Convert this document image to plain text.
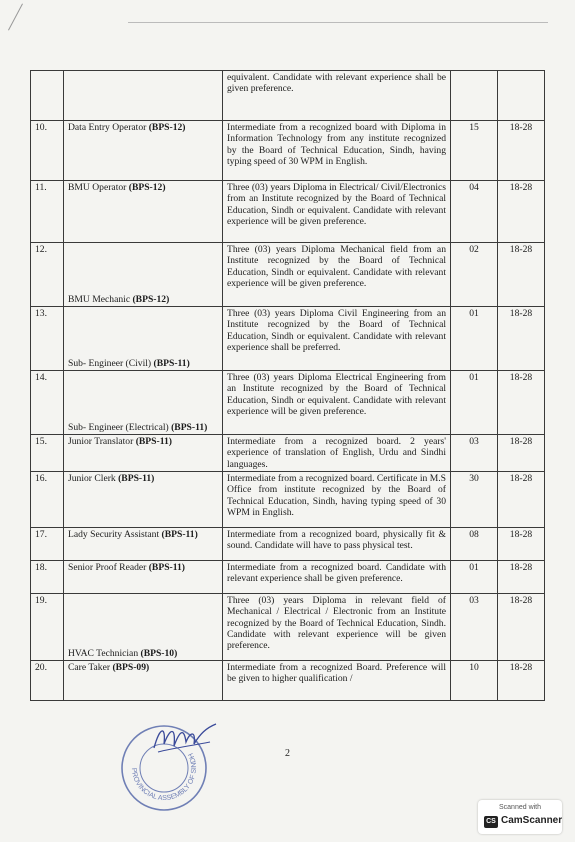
		equivalent. Candidate with relevant experience shall be given preference.		
10.	Data Entry Operator (BPS-12)	Intermediate from a recognized board with Diploma in Information Technology from any institute recognized by the Board of Technical Education, Sindh, having typing speed of 30 WPM in English.	15	18-28
11.	BMU Operator (BPS-12)	Three (03) years Diploma in Electrical/ Civil/Electronics from an Institute recognized by the Board of Technical Education, Sindh or equivalent. Candidate with relevant experience will be given preference.	04	18-28
12.	BMU Mechanic (BPS-12)	Three (03) years Diploma Mechanical field from an Institute recognized by the Board of Technical Education, Sindh or equivalent. Candidate with relevant experience will be given preference.	02	18-28
13.	Sub- Engineer (Civil) (BPS-11)	Three (03) years Diploma Civil Engineering from an Institute recognized by the Board of Technical Education, Sindh or equivalent. Candidate with relevant experience shall be preferred.	01	18-28
14.	Sub- Engineer (Electrical) (BPS-11)	Three (03) years Diploma Electrical Engineering from an Institute recognized by the Board of Technical Education, Sindh or equivalent. Candidate with relevant experience will be given preference.	01	18-28
15.	Junior Translator (BPS-11)	Intermediate from a recognized board. 2 years' experience of translation of English, Urdu and Sindhi languages.	03	18-28
16.	Junior Clerk (BPS-11)	Intermediate from a recognized board. Certificate in M.S Office from institute recognized by the Board of Technical Education, Sindh, having typing speed of 30 WPM in English.	30	18-28
17.	Lady Security Assistant (BPS-11)	Intermediate from a recognized board, physically fit & sound. Candidate will have to pass physical test.	08	18-28
18.	Senior Proof Reader (BPS-11)	Intermediate from a recognized board. Candidate with relevant experience shall be given preference.	01	18-28
19.	HVAC Technician (BPS-10)	Three (03) years Diploma in relevant field of Mechanical / Electrical / Electronic from an Institute recognized by the Board of Technical Education, Sindh. Candidate with relevant experience will be given preference.	03	18-28
20.	Care Taker (BPS-09)	Intermediate from a recognized Board. Preference will be given to higher qualification /	10	18-28
2
PROVINCIAL ASSEMBLY OF SINDH
Scanned with
CS CamScanner
